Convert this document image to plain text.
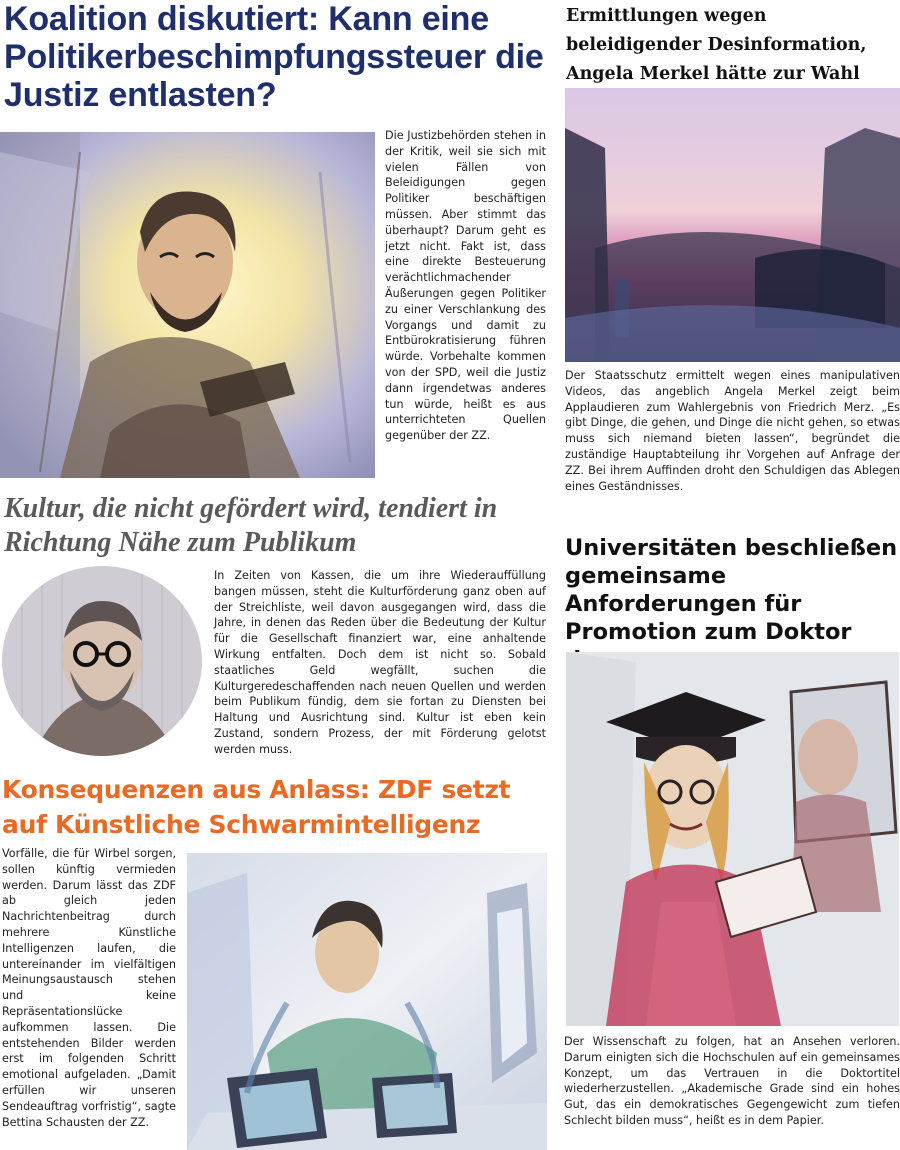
Koalition diskutiert: Kann eine Politikerbeschimpfungssteuer die Justiz entlasten?

Die Justizbehörden stehen in der Kritik, weil sie sich mit vielen Fällen von Beleidigungen gegen Politiker beschäftigen müssen. Aber stimmt das überhaupt? Darum geht es jetzt nicht. Fakt ist, dass eine direkte Besteuerung verächtlichmachender Äußerungen gegen Politiker zu einer Verschlankung des Vorgangs und damit zu Entbürokratisierung führen würde. Vorbehalte kommen von der SPD, weil die Justiz dann irgendetwas anderes tun würde, heißt es aus unterrichteten Quellen gegenüber der ZZ.

Ermittlungen wegen beleidigender Desinformation, Angela Merkel hätte zur Wahl

Der Staatsschutz ermittelt wegen eines manipulativen Videos, das angeblich Angela Merkel zeigt beim Applaudieren zum Wahlergebnis von Friedrich Merz. „Es gibt Dinge, die gehen, und Dinge die nicht gehen, so etwas muss sich niemand bieten lassen“, begründet die zuständige Hauptabteilung ihr Vorgehen auf Anfrage der ZZ. Bei ihrem Auffinden droht den Schuldigen das Ablegen eines Geständnisses.

Kultur, die nicht gefördert wird, tendiert in Richtung Nähe zum Publikum

In Zeiten von Kassen, die um ihre Wiederauffüllung bangen müssen, steht die Kulturförderung ganz oben auf der Streichliste, weil davon ausgegangen wird, dass die Jahre, in denen das Reden über die Bedeutung der Kultur für die Gesellschaft finanziert war, eine anhaltende Wirkung entfalten. Doch dem ist nicht so. Sobald staatliches Geld wegfällt, suchen die Kulturgeredeschaffenden nach neuen Quellen und werden beim Publikum fündig, dem sie fortan zu Diensten bei Haltung und Ausrichtung sind. Kultur ist eben kein Zustand, sondern Prozess, der mit Förderung gelotst werden muss.

Konsequenzen aus Anlass: ZDF setzt auf Künstliche Schwarmintelligenz

Vorfälle, die für Wirbel sorgen, sollen künftig vermieden werden. Darum lässt das ZDF ab gleich jeden Nachrichtenbeitrag durch mehrere Künstliche Intelligenzen laufen, die untereinander im vielfältigen Meinungsaustausch stehen und keine Repräsentationslücke aufkommen lassen. Die entstehenden Bilder werden erst im folgenden Schritt emotional aufgeladen. „Damit erfüllen wir unseren Sendeauftrag vorfristig“, sagte Bettina Schausten der ZZ.

Universitäten beschließen gemeinsame Anforderungen für Promotion zum Doktor

Der Wissenschaft zu folgen, hat an Ansehen verloren. Darum einigten sich die Hochschulen auf ein gemeinsames Konzept, um das Vertrauen in die Doktortitel wiederherzustellen. „Akademische Grade sind ein hohes Gut, das ein demokratisches Gegengewicht zum tiefen Schlecht bilden muss“, heißt es in dem Papier.
